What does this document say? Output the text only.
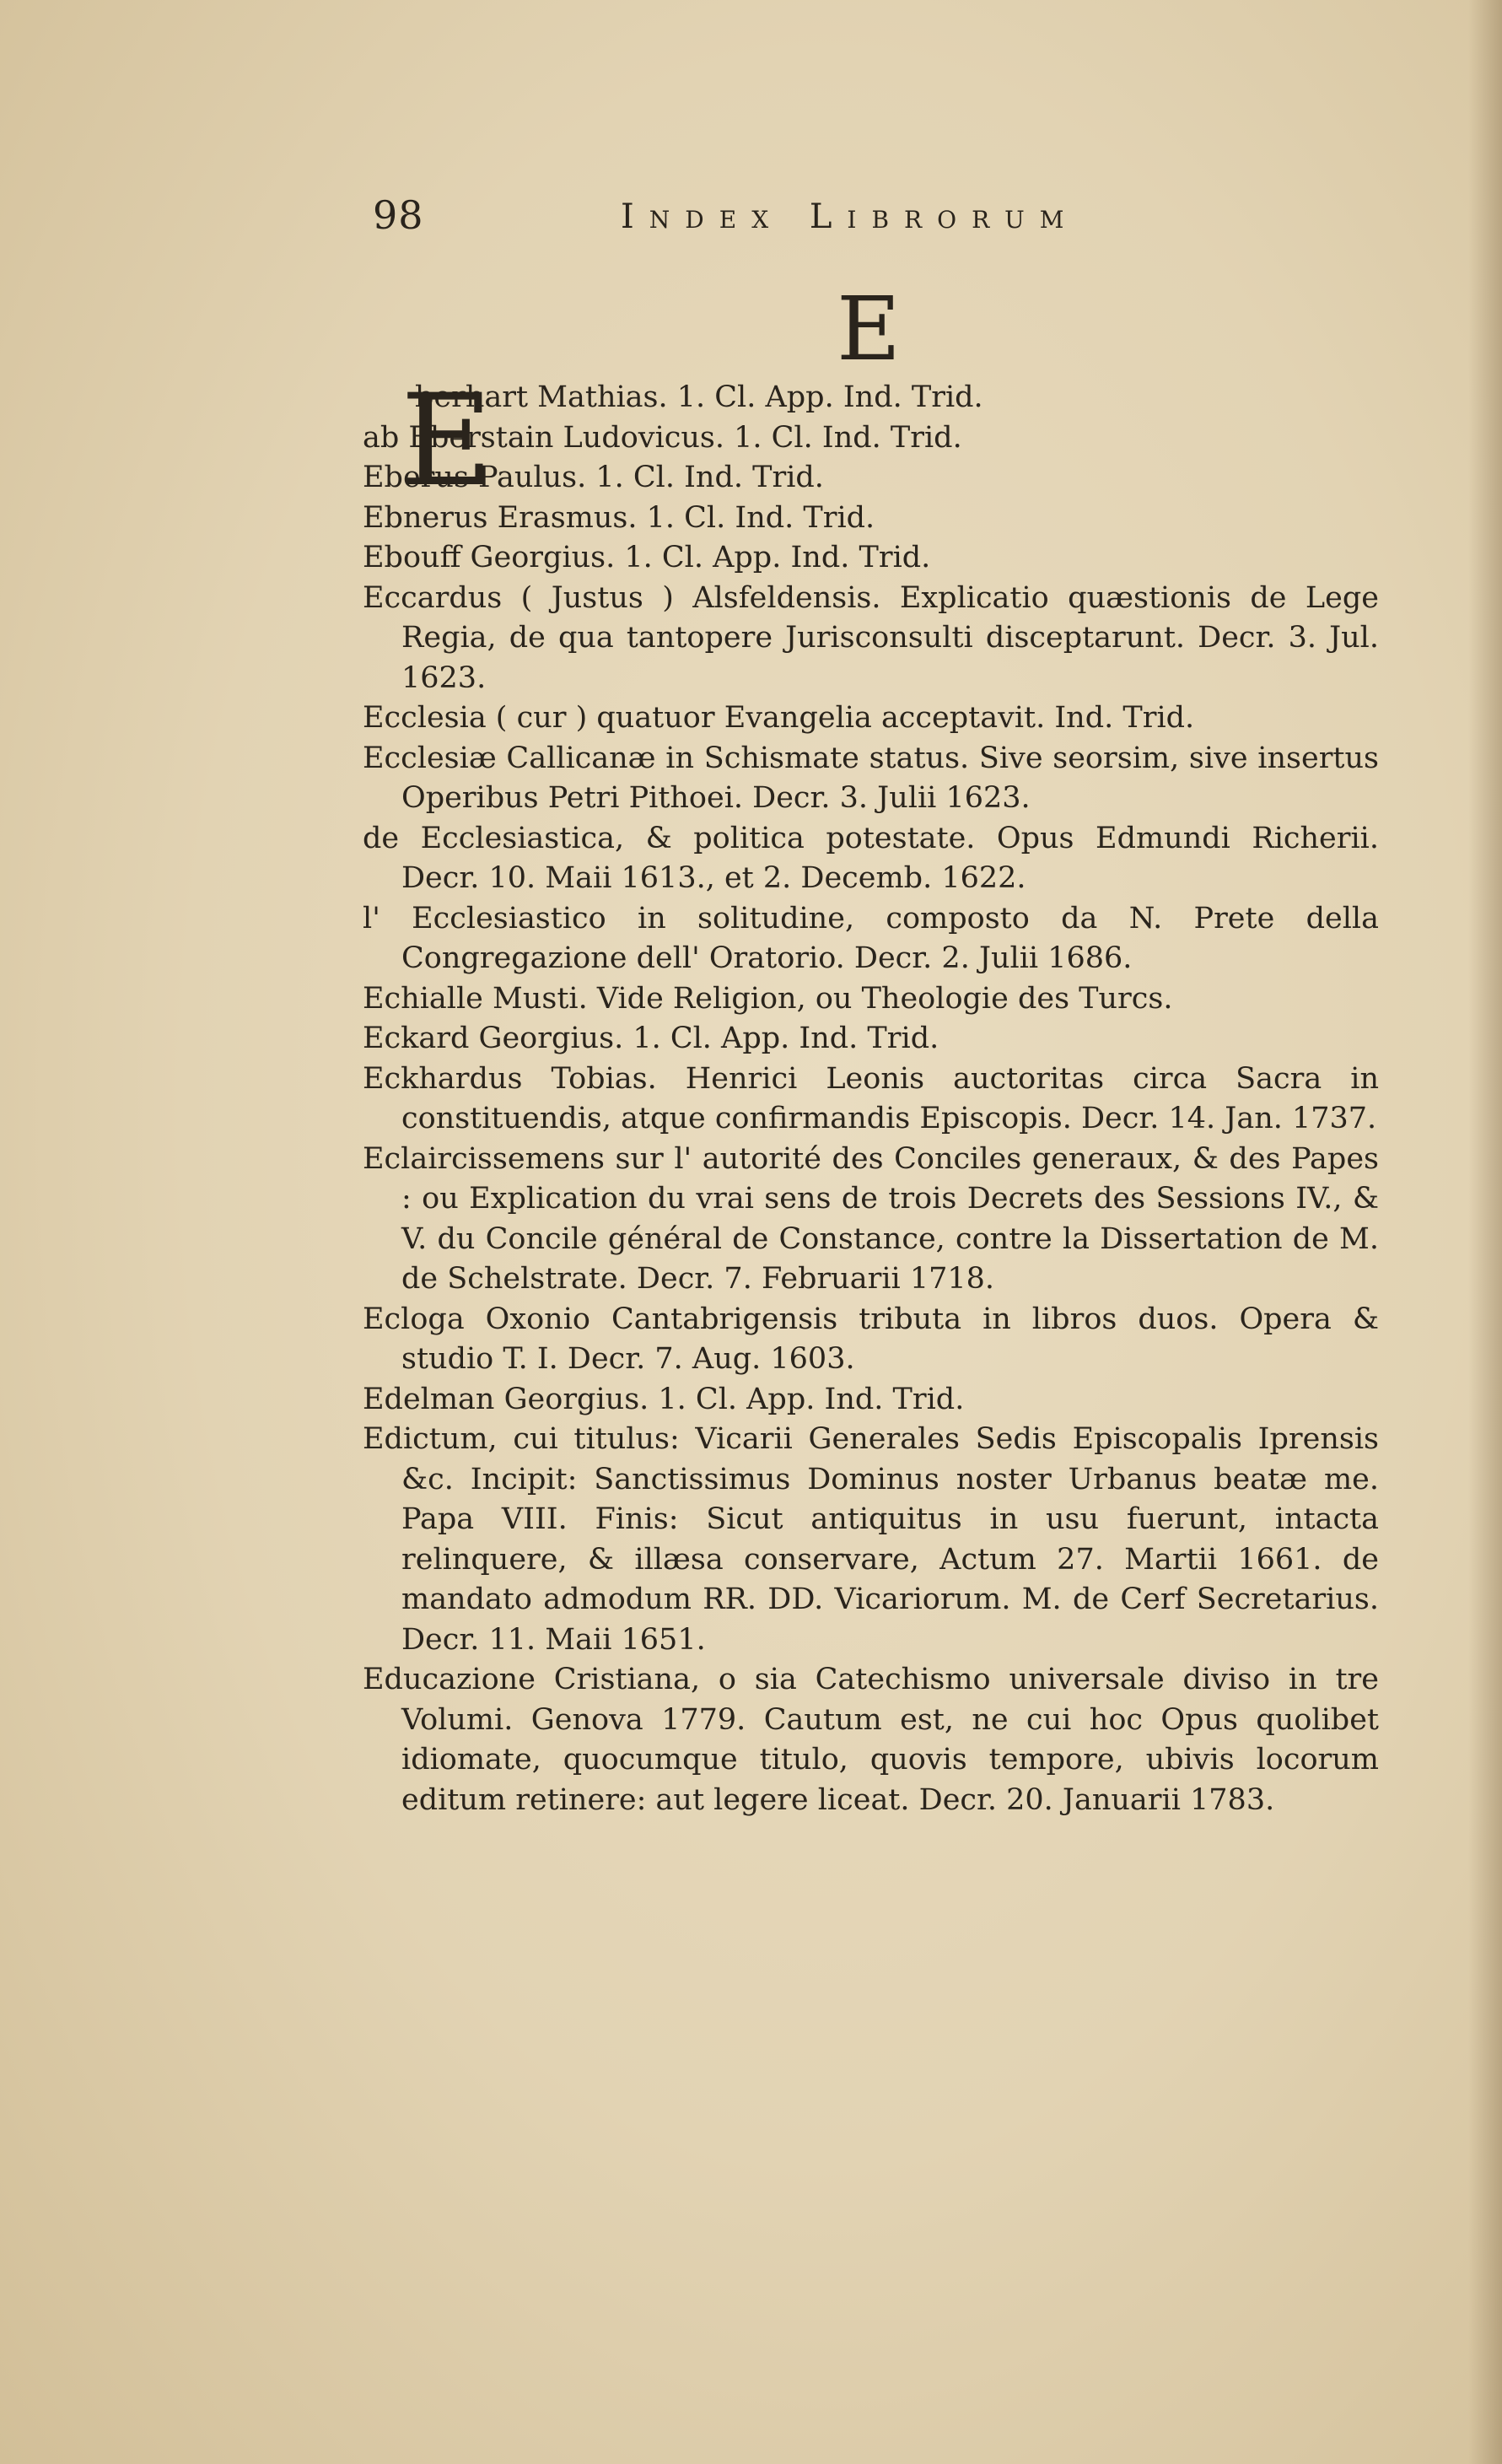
98	Index Librorum
E
E

berhart Mathias. 1. Cl. App. Ind. Trid.

ab Eberstain Ludovicus. 1. Cl. Ind. Trid.

Eberus Paulus. 1. Cl. Ind. Trid.

Ebnerus Erasmus. 1. Cl. Ind. Trid.

Ebouff Georgius. 1. Cl. App. Ind. Trid.

Eccardus ( Justus ) Alsfeldensis. Explicatio quæstionis de Lege Regia, de qua tantopere Jurisconsulti disceptarunt. Decr. 3. Jul. 1623.

Ecclesia ( cur ) quatuor Evangelia acceptavit. Ind. Trid.

Ecclesiæ Callicanæ in Schismate status. Sive seorsim, sive insertus Operibus Petri Pithoei. Decr. 3. Julii 1623.

de Ecclesiastica, & politica potestate. Opus Edmundi Richerii. Decr. 10. Maii 1613., et 2. Decemb. 1622.

l' Ecclesiastico in solitudine, composto da N. Prete della Congregazione dell' Oratorio. Decr. 2. Julii 1686.

Echialle Musti. Vide Religion, ou Theologie des Turcs.

Eckard Georgius. 1. Cl. App. Ind. Trid.

Eckhardus Tobias. Henrici Leonis auctoritas circa Sacra in constituendis, atque confirmandis Episcopis. Decr. 14. Jan. 1737.

Eclaircissemens sur l' autorité des Conciles generaux, & des Papes : ou Explication du vrai sens de trois Decrets des Sessions IV., & V. du Concile général de Constance, contre la Dissertation de M. de Schelstrate. Decr. 7. Februarii 1718.

Ecloga Oxonio Cantabrigensis tributa in libros duos. Opera & studio T. I. Decr. 7. Aug. 1603.

Edelman Georgius. 1. Cl. App. Ind. Trid.

Edictum, cui titulus: Vicarii Generales Sedis Episcopalis Iprensis &c. Incipit: Sanctissimus Dominus noster Urbanus beatæ me. Papa VIII. Finis: Sicut antiquitus in usu fuerunt, intacta relinquere, & illæsa conservare, Actum 27. Martii 1661. de mandato admodum RR. DD. Vicariorum. M. de Cerf Secretarius. Decr. 11. Maii 1651.

Educazione Cristiana, o sia Catechismo universale diviso in tre Volumi. Genova 1779. Cautum est, ne cui hoc Opus quolibet idiomate, quocumque titulo, quovis tempore, ubivis locorum editum retinere: aut legere liceat. Decr. 20. Januarii 1783.
